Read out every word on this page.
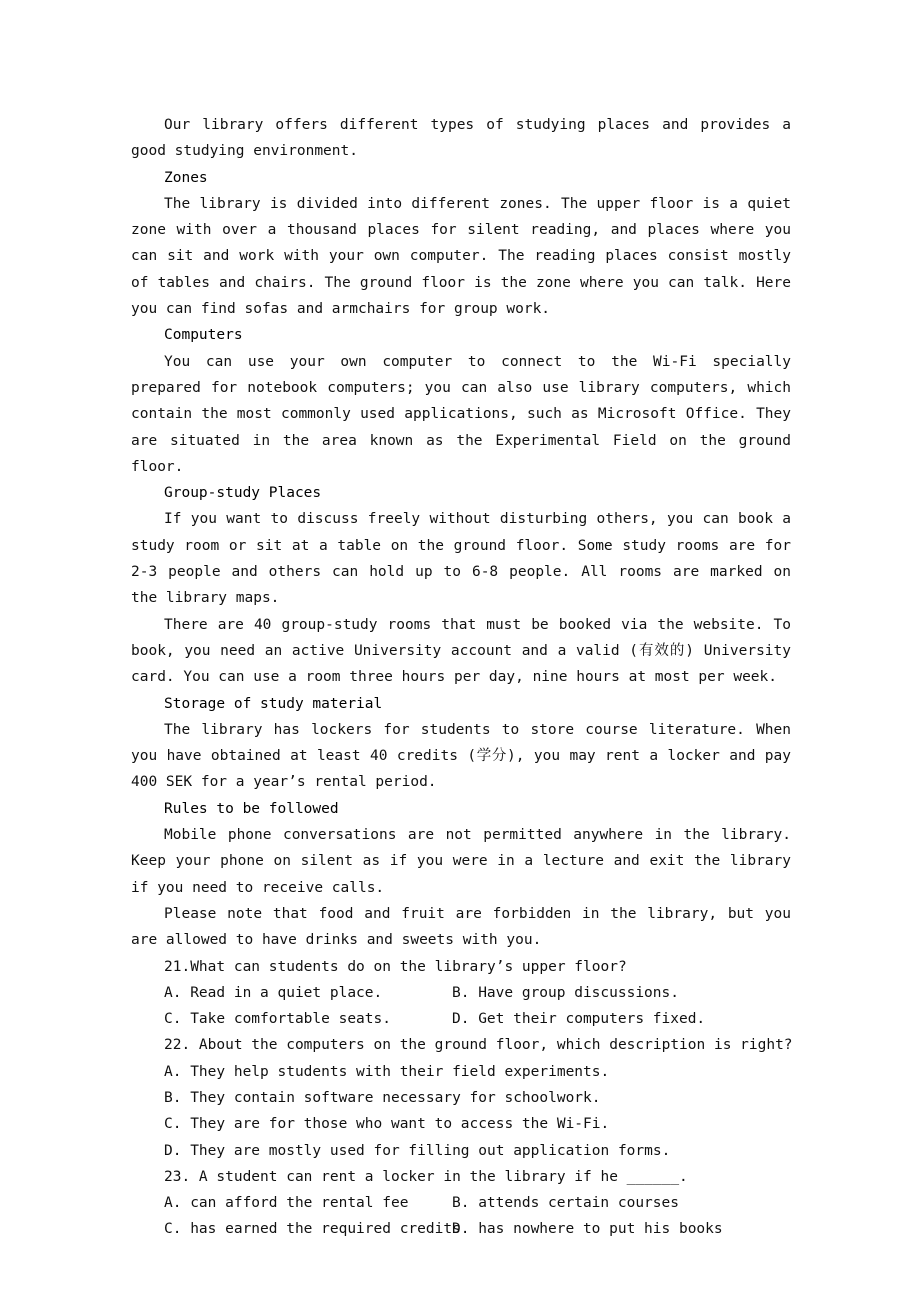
Our library offers different types of studying places and provides a good studying environment.

Zones

The library is divided into different zones. The upper floor is a quiet zone with over a thousand places for silent reading, and places where you can sit and work with your own computer. The reading places consist mostly of tables and chairs. The ground floor is the zone where you can talk. Here you can find sofas and armchairs for group work.

Computers

You can use your own computer to connect to the Wi-Fi specially prepared for notebook computers; you can also use library computers, which contain the most commonly used applications, such as Microsoft Office. They are situated in the area known as the Experimental Field on the ground floor.

Group-study Places

If you want to discuss freely without disturbing others, you can book a study room or sit at a table on the ground floor. Some study rooms are for 2-3 people and others can hold up to 6-8 people. All rooms are marked on the library maps.

There are 40 group-study rooms that must be booked via the website. To book, you need an active University account and a valid (有效的) University card. You can use a room three hours per day, nine hours at most per week.

Storage of study material

The library has lockers for students to store course literature. When you have obtained at least 40 credits (学分), you may rent a locker and pay 400 SEK for a year’s rental period.

Rules to be followed

Mobile phone conversations are not permitted anywhere in the library. Keep your phone on silent as if you were in a lecture and exit the library if you need to receive calls.

Please note that food and fruit are forbidden in the library, but you are allowed to have drinks and sweets with you.

21.What can students do on the library’s upper floor?

A. Read in a quiet place.	B. Have group discussions.
C. Take comfortable seats.	D. Get their computers fixed.

22. About the computers on the ground floor, which description is right?

A. They help students with their field experiments.

B. They contain software necessary for schoolwork.

C. They are for those who want to access the Wi-Fi.

D. They are mostly used for filling out application forms.

23. A student can rent a locker in the library if he ______.

A. can afford the rental fee	B. attends certain courses
C. has earned the required credits
D. has nowhere to put his books
